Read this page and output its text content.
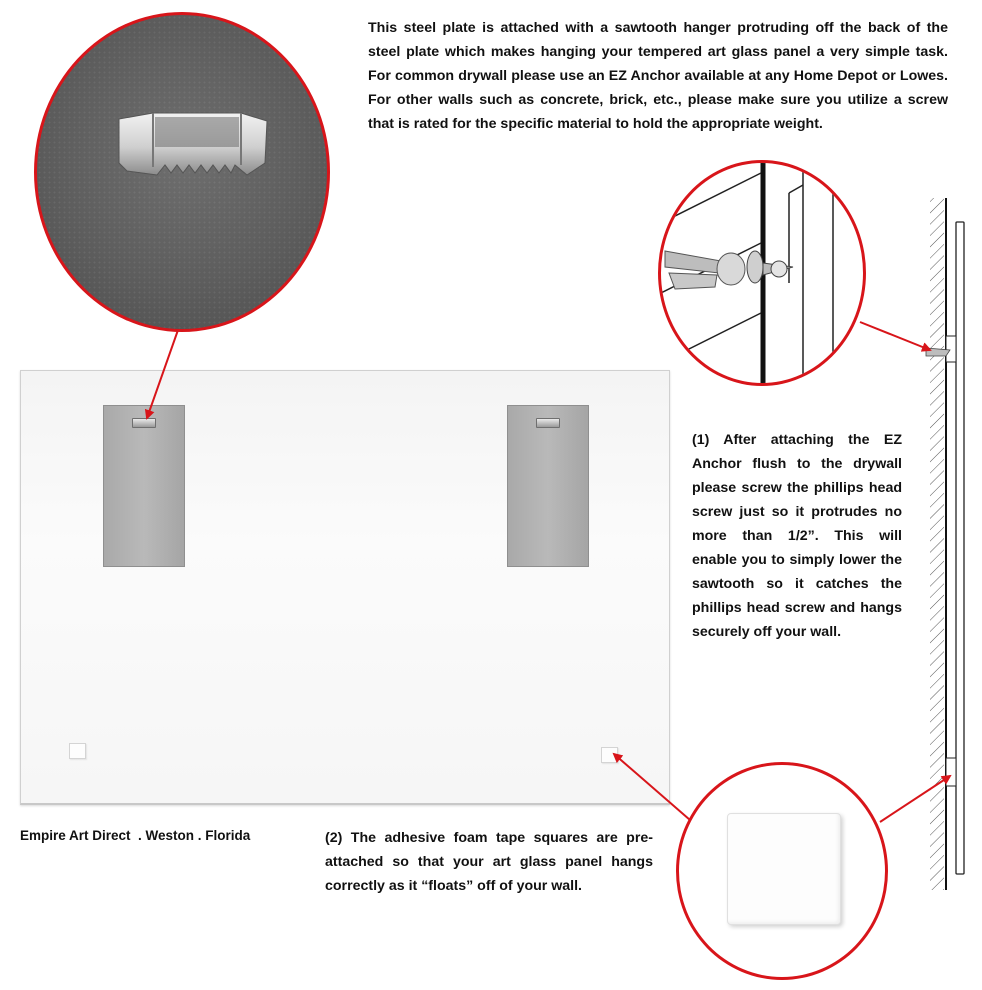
This steel plate is attached with a sawtooth hanger protruding off the back of the steel plate which makes hanging your tempered art glass panel a very simple task. For common drywall please use an EZ Anchor available at any Home Depot or Lowes. For other walls such as concrete, brick, etc., please make sure you utilize a screw that is rated for the specific material to hold the appropriate weight.
(1) After attaching the EZ Anchor flush to the drywall please screw the phillips head screw just so it protrudes no more than 1/2”. This will enable you to simply lower the sawtooth so it catches the phillips head screw and hangs securely off your wall.
Empire Art Direct  . Weston . Florida	(2) The adhesive foam tape squares are pre-attached so that your art glass panel hangs correctly as it “floats” off of your wall.
